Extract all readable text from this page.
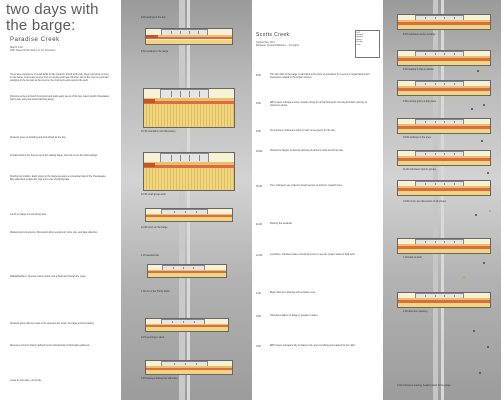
two days with
the barge:
Paradise Creek
March 31st
20th Street North Shore to St. Jeremies
There was a sequence of social fields for the students' arrival at the site. Clear sounds as is sung on the barge, & all seats remove from an overlay and boat. Whether part of the crew is a sounder wrapping in the top part as the hood on the chart and teams around the deck.
Welcome arrives at South Cormorant and starts early set-up of the bay. Gaunt Gunfrin Clearwater had to stay early and stood watching along.
Students greet on boarding and look ahead for the day.
Arrivals stand at the first set-up of the starting barge, and look out to the chart settings.
Small group rotation. Each group on the barge develops a conceptual map of the Chesapeake Bay watershed to label the map and a way of plotting data.
Lunch on barge at crew dining area.
Wetland and ecosystems: Discussion about equipment, tools, tide, and data collection.
Habitat/landform: Species counts noted, and a final loop through the creek.
Students group discuss maps of the area and the creek, the barge and its heading.
Discuss a common history defined by the natural tools of information gathered.
Leave by bus early; end of day.
9:00 waiting for the bus
9:30 heading to the barge
10:15 orientation and discussion
10:45 small group work
12:00 lunch on the barge
1:15 wetland site
1:30 out of the Trinity Dock
2:15 returning to dock
2:45 having a fishing trip with bass
Scotts Creek
September 23rd
Between Knotted Markers – 10 sights
KEY
group A
group B
group C
teacher
crew
8:30	This day visits to the barge is submitted at the base of operations for a series of organizations and businesses related to the project mission.
9:00	ERP project managers arrive, prepare things for arrival during the morning and start opening up classroom decks.
9:30	Crew arrives: Volunteers arrive to help out as guests for the day.
10:00	Classroom: Begins to discuss planning of partners' tools and for the day.
10:30	Tour: Volunteers are invited to board and set up tools for research sites.
11:00	Planting the wetlands.
12:00	Lunchtime. Volunteers take a break and come to see the project status of field work.
1:00	Begin afternoon planting with complete crew.
2:00	Volunteers gather on barge to prepare to leave.
3:00	ERP project managers tidy up barge tools, and everything gets packed for the night.
8:00 volunteers arrive at barge
8:30 loading it ship a practice
9:00 moving grid to a tidy place
10:00 working on the area
11:00 volunteers split in groups
12:00 lunch, two discussion of all groups
1:00 back to work
2:00 afternoon planting
3:30 volunteers leaving: heading back to the barge
